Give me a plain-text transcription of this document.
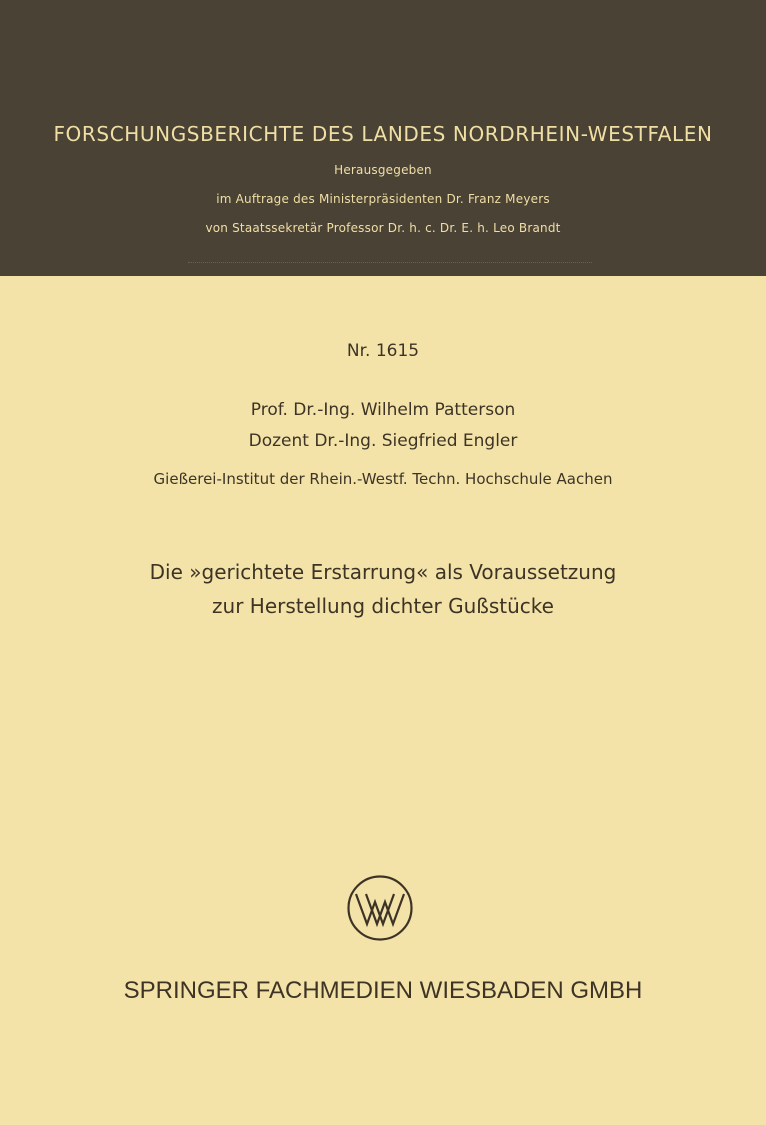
FORSCHUNGSBERICHTE DES LANDES NORDRHEIN-WESTFALEN
Herausgegeben
im Auftrage des Ministerpräsidenten Dr. Franz Meyers
von Staatssekretär Professor Dr. h. c. Dr. E. h. Leo Brandt
Nr. 1615
Prof. Dr.-Ing. Wilhelm Patterson
Dozent Dr.-Ing. Siegfried Engler
Gießerei-Institut der Rhein.-Westf. Techn. Hochschule Aachen
Die »gerichtete Erstarrung« als Voraussetzung
zur Herstellung dichter Gußstücke
SPRINGER FACHMEDIEN WIESBADEN GMBH
